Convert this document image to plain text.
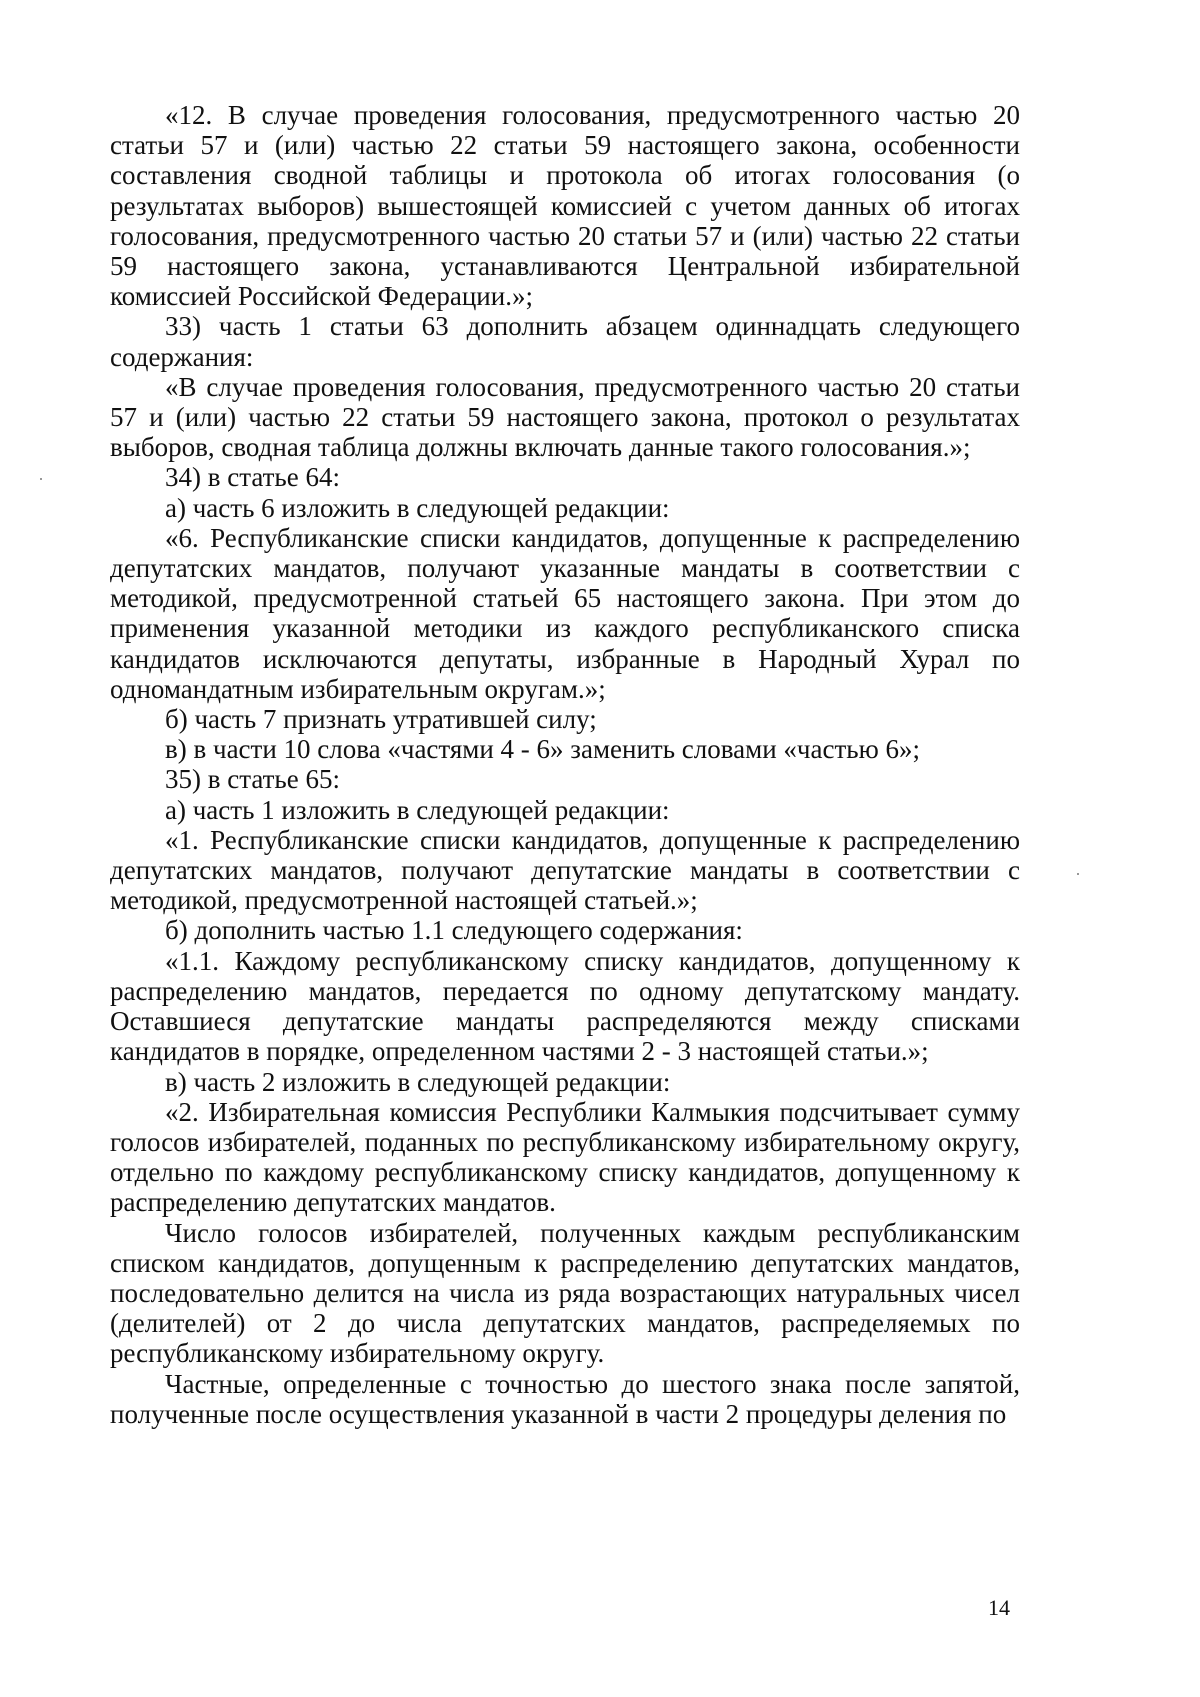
«12. В случае проведения голосования, предусмотренного частью 20 статьи 57 и (или) частью 22 статьи 59 настоящего закона, особенности составления сводной таблицы и протокола об итогах голосования (о результатах выборов) вышестоящей комиссией с учетом данных об итогах голосования, предусмотренного частью 20 статьи 57 и (или) частью 22 статьи 59 настоящего закона, устанавливаются Центральной избирательной комиссией Российской Федерации.»;

33) часть 1 статьи 63 дополнить абзацем одиннадцать следующего содержания:

«В случае проведения голосования, предусмотренного частью 20 статьи 57 и (или) частью 22 статьи 59 настоящего закона, протокол о результатах выборов, сводная таблица должны включать данные такого голосования.»;

34) в статье 64:

а) часть 6 изложить в следующей редакции:

«6. Республиканские списки кандидатов, допущенные к распределению депутатских мандатов, получают указанные мандаты в соответствии с методикой, предусмотренной статьей 65 настоящего закона. При этом до применения указанной методики из каждого республиканского списка кандидатов исключаются депутаты, избранные в Народный Хурал по одномандатным избирательным округам.»;

б) часть 7 признать утратившей силу;

в) в части 10 слова «частями 4 - 6» заменить словами «частью 6»;

35) в статье 65:

а) часть 1 изложить в следующей редакции:

«1. Республиканские списки кандидатов, допущенные к распределению депутатских мандатов, получают депутатские мандаты в соответствии с методикой, предусмотренной настоящей статьей.»;

б) дополнить частью 1.1 следующего содержания:

«1.1. Каждому республиканскому списку кандидатов, допущенному к распределению мандатов, передается по одному депутатскому мандату. Оставшиеся депутатские мандаты распределяются между списками кандидатов в порядке, определенном частями 2 - 3 настоящей статьи.»;

в) часть 2 изложить в следующей редакции:

«2. Избирательная комиссия Республики Калмыкия подсчитывает сумму голосов избирателей, поданных по республиканскому избирательному округу, отдельно по каждому республиканскому списку кандидатов, допущенному к распределению депутатских мандатов.

Число голосов избирателей, полученных каждым республиканским списком кандидатов, допущенным к распределению депутатских мандатов, последовательно делится на числа из ряда возрастающих натуральных чисел (делителей) от 2 до числа депутатских мандатов, распределяемых по республиканскому избирательному округу.

Частные, определенные с точностью до шестого знака после запятой, полученные после осуществления указанной в части 2 процедуры деления по

14
